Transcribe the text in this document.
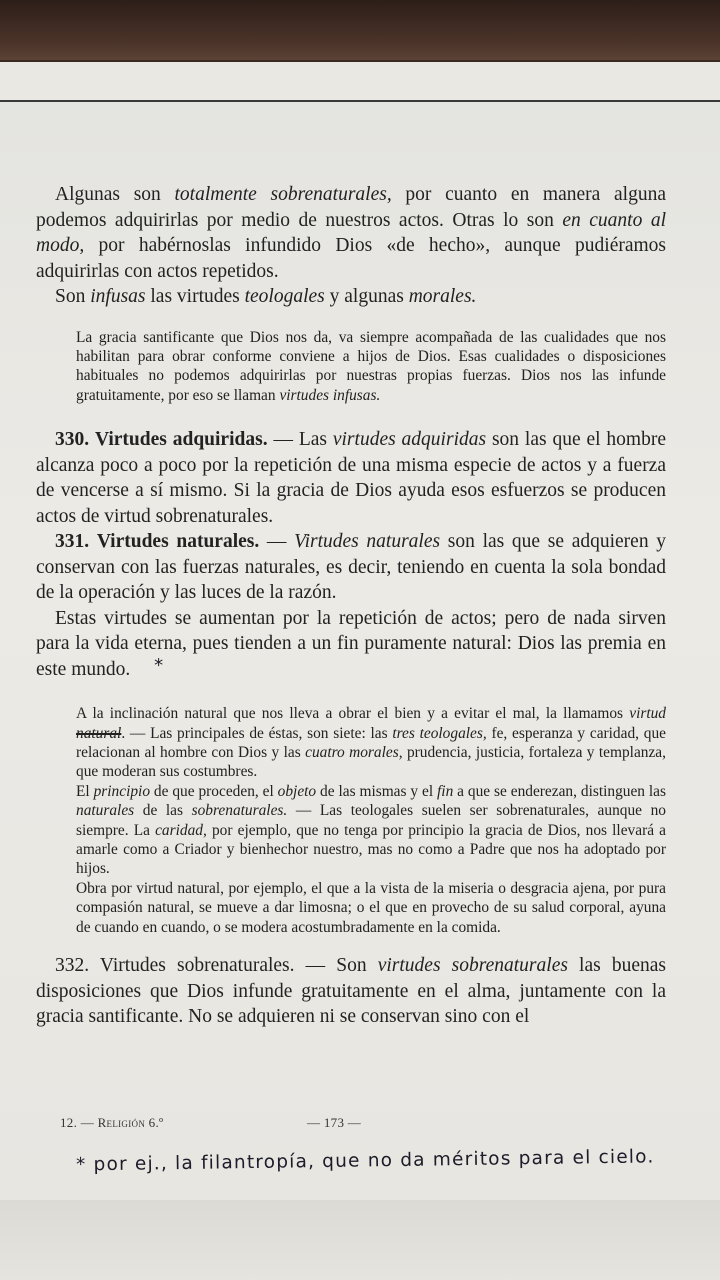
Algunas son totalmente sobrenaturales, por cuanto en manera alguna podemos adquirirlas por medio de nuestros actos. Otras lo son en cuanto al modo, por habérnoslas infundido Dios «de hecho», aunque pudiéramos adquirirlas con actos repetidos.

Son infusas las virtudes teologales y algunas morales.

La gracia santificante que Dios nos da, va siempre acompañada de las cualidades que nos habilitan para obrar conforme conviene a hijos de Dios. Esas cualidades o disposiciones habituales no podemos adquirirlas por nuestras propias fuerzas. Dios nos las infunde gratuitamente, por eso se llaman virtudes infusas.

330. Virtudes adquiridas. — Las virtudes adquiridas son las que el hombre alcanza poco a poco por la repetición de una misma especie de actos y a fuerza de vencerse a sí mismo. Si la gracia de Dios ayuda esos esfuerzos se producen actos de virtud sobrenaturales.

331. Virtudes naturales. — Virtudes naturales son las que se adquieren y conservan con las fuerzas naturales, es decir, teniendo en cuenta la sola bondad de la operación y las luces de la razón.

Estas virtudes se aumentan por la repetición de actos; pero de nada sirven para la vida eterna, pues tienden a un fin puramente natural: Dios las premia en este mundo. *

A la inclinación natural que nos lleva a obrar el bien y a evitar el mal, la llamamos virtud natural. — Las principales de éstas, son siete: las tres teologales, fe, esperanza y caridad, que relacionan al hombre con Dios y las cuatro morales, prudencia, justicia, fortaleza y templanza, que moderan sus costumbres.

El principio de que proceden, el objeto de las mismas y el fin a que se enderezan, distinguen las naturales de las sobrenaturales. — Las teologales suelen ser sobrenaturales, aunque no siempre. La caridad, por ejemplo, que no tenga por principio la gracia de Dios, nos llevará a amarle como a Criador y bienhechor nuestro, mas no como a Padre que nos ha adoptado por hijos.

Obra por virtud natural, por ejemplo, el que a la vista de la miseria o desgracia ajena, por pura compasión natural, se mueve a dar limosna; o el que en provecho de su salud corporal, ayuna de cuando en cuando, o se modera acostumbradamente en la comida.

332. Virtudes sobrenaturales. — Son virtudes sobrenaturales las buenas disposiciones que Dios infunde gratuitamente en el alma, juntamente con la gracia santificante. No se adquieren ni se conservan sino con el

12. — Religión 6.º	— 173 —
* por ej., la filantropía, que no da méritos para el cielo.
